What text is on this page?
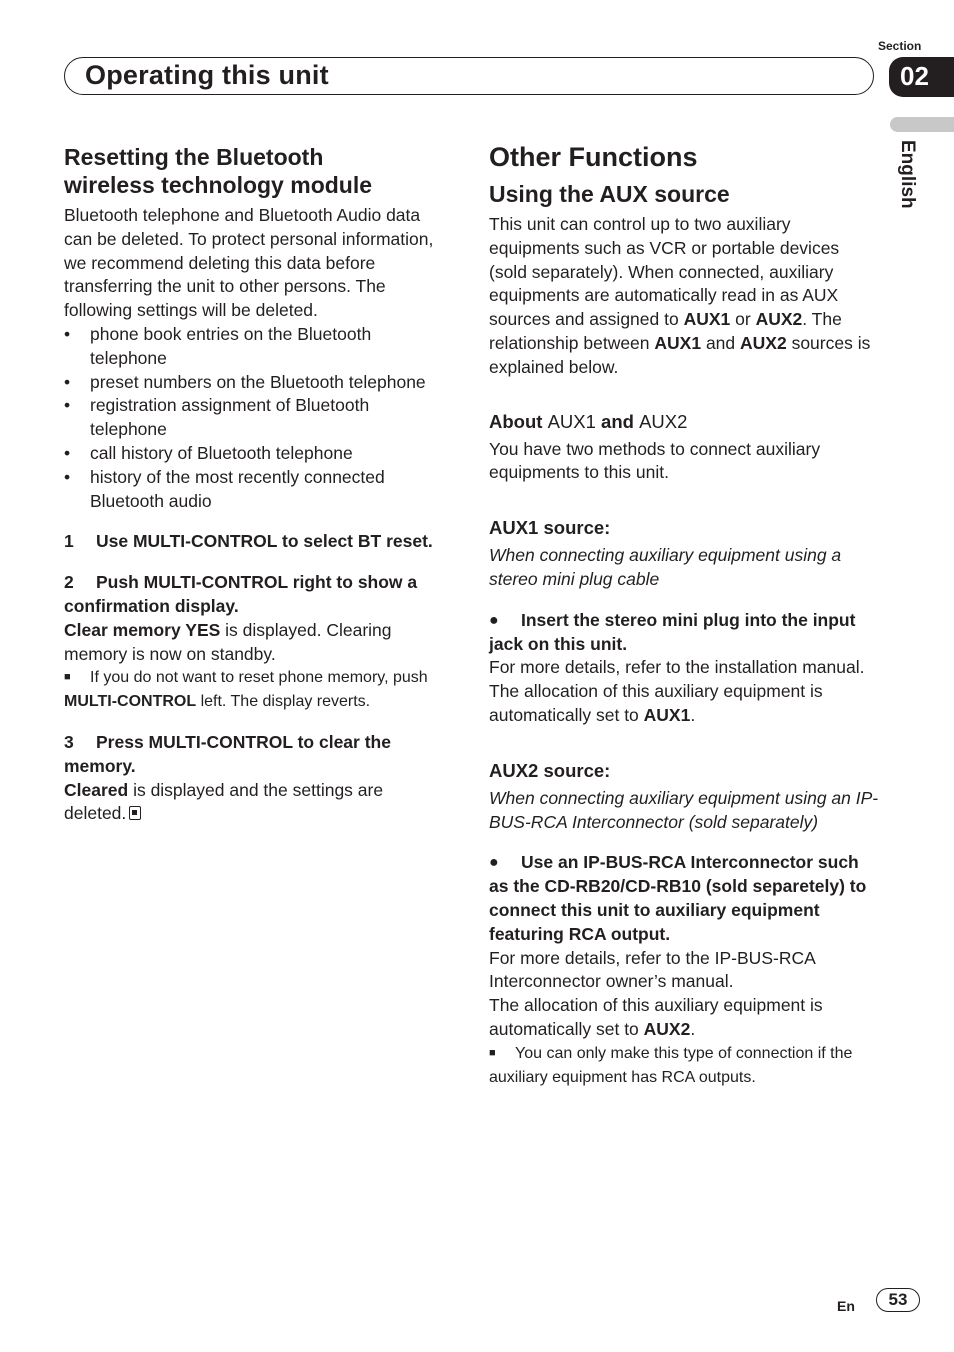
Section
Operating this unit	02
English
Resetting the Bluetooth
wireless technology module

Bluetooth telephone and Bluetooth Audio data can be deleted. To protect personal information, we recommend deleting this data before transferring the unit to other persons. The following settings will be deleted.

• phone book entries on the Bluetooth telephone
• preset numbers on the Bluetooth telephone
• registration assignment of Bluetooth telephone
• call history of Bluetooth telephone
• history of the most recently connected Bluetooth audio

1 Use MULTI-CONTROL to select BT reset.

2 Push MULTI-CONTROL right to show a confirmation display.

Clear memory YES is displayed. Clearing memory is now on standby.

■ If you do not want to reset phone memory, push MULTI-CONTROL left. The display reverts.

3 Press MULTI-CONTROL to clear the memory.

Cleared is displayed and the settings are deleted.

Other Functions
Using the AUX source

This unit can control up to two auxiliary equipments such as VCR or portable devices (sold separately). When connected, auxiliary equipments are automatically read in as AUX sources and assigned to AUX1 or AUX2. The relationship between AUX1 and AUX2 sources is explained below.

About AUX1 and AUX2

You have two methods to connect auxiliary equipments to this unit.

AUX1 source:

When connecting auxiliary equipment using a stereo mini plug cable

● Insert the stereo mini plug into the input jack on this unit.

For more details, refer to the installation manual.

The allocation of this auxiliary equipment is automatically set to AUX1.

AUX2 source:

When connecting auxiliary equipment using an IP-BUS-RCA Interconnector (sold separately)

● Use an IP-BUS-RCA Interconnector such as the CD-RB20/CD-RB10 (sold separetely) to connect this unit to auxiliary equipment featuring RCA output.

For more details, refer to the IP-BUS-RCA Interconnector owner’s manual.

The allocation of this auxiliary equipment is automatically set to AUX2.

■ You can only make this type of connection if the auxiliary equipment has RCA outputs.

En	53
